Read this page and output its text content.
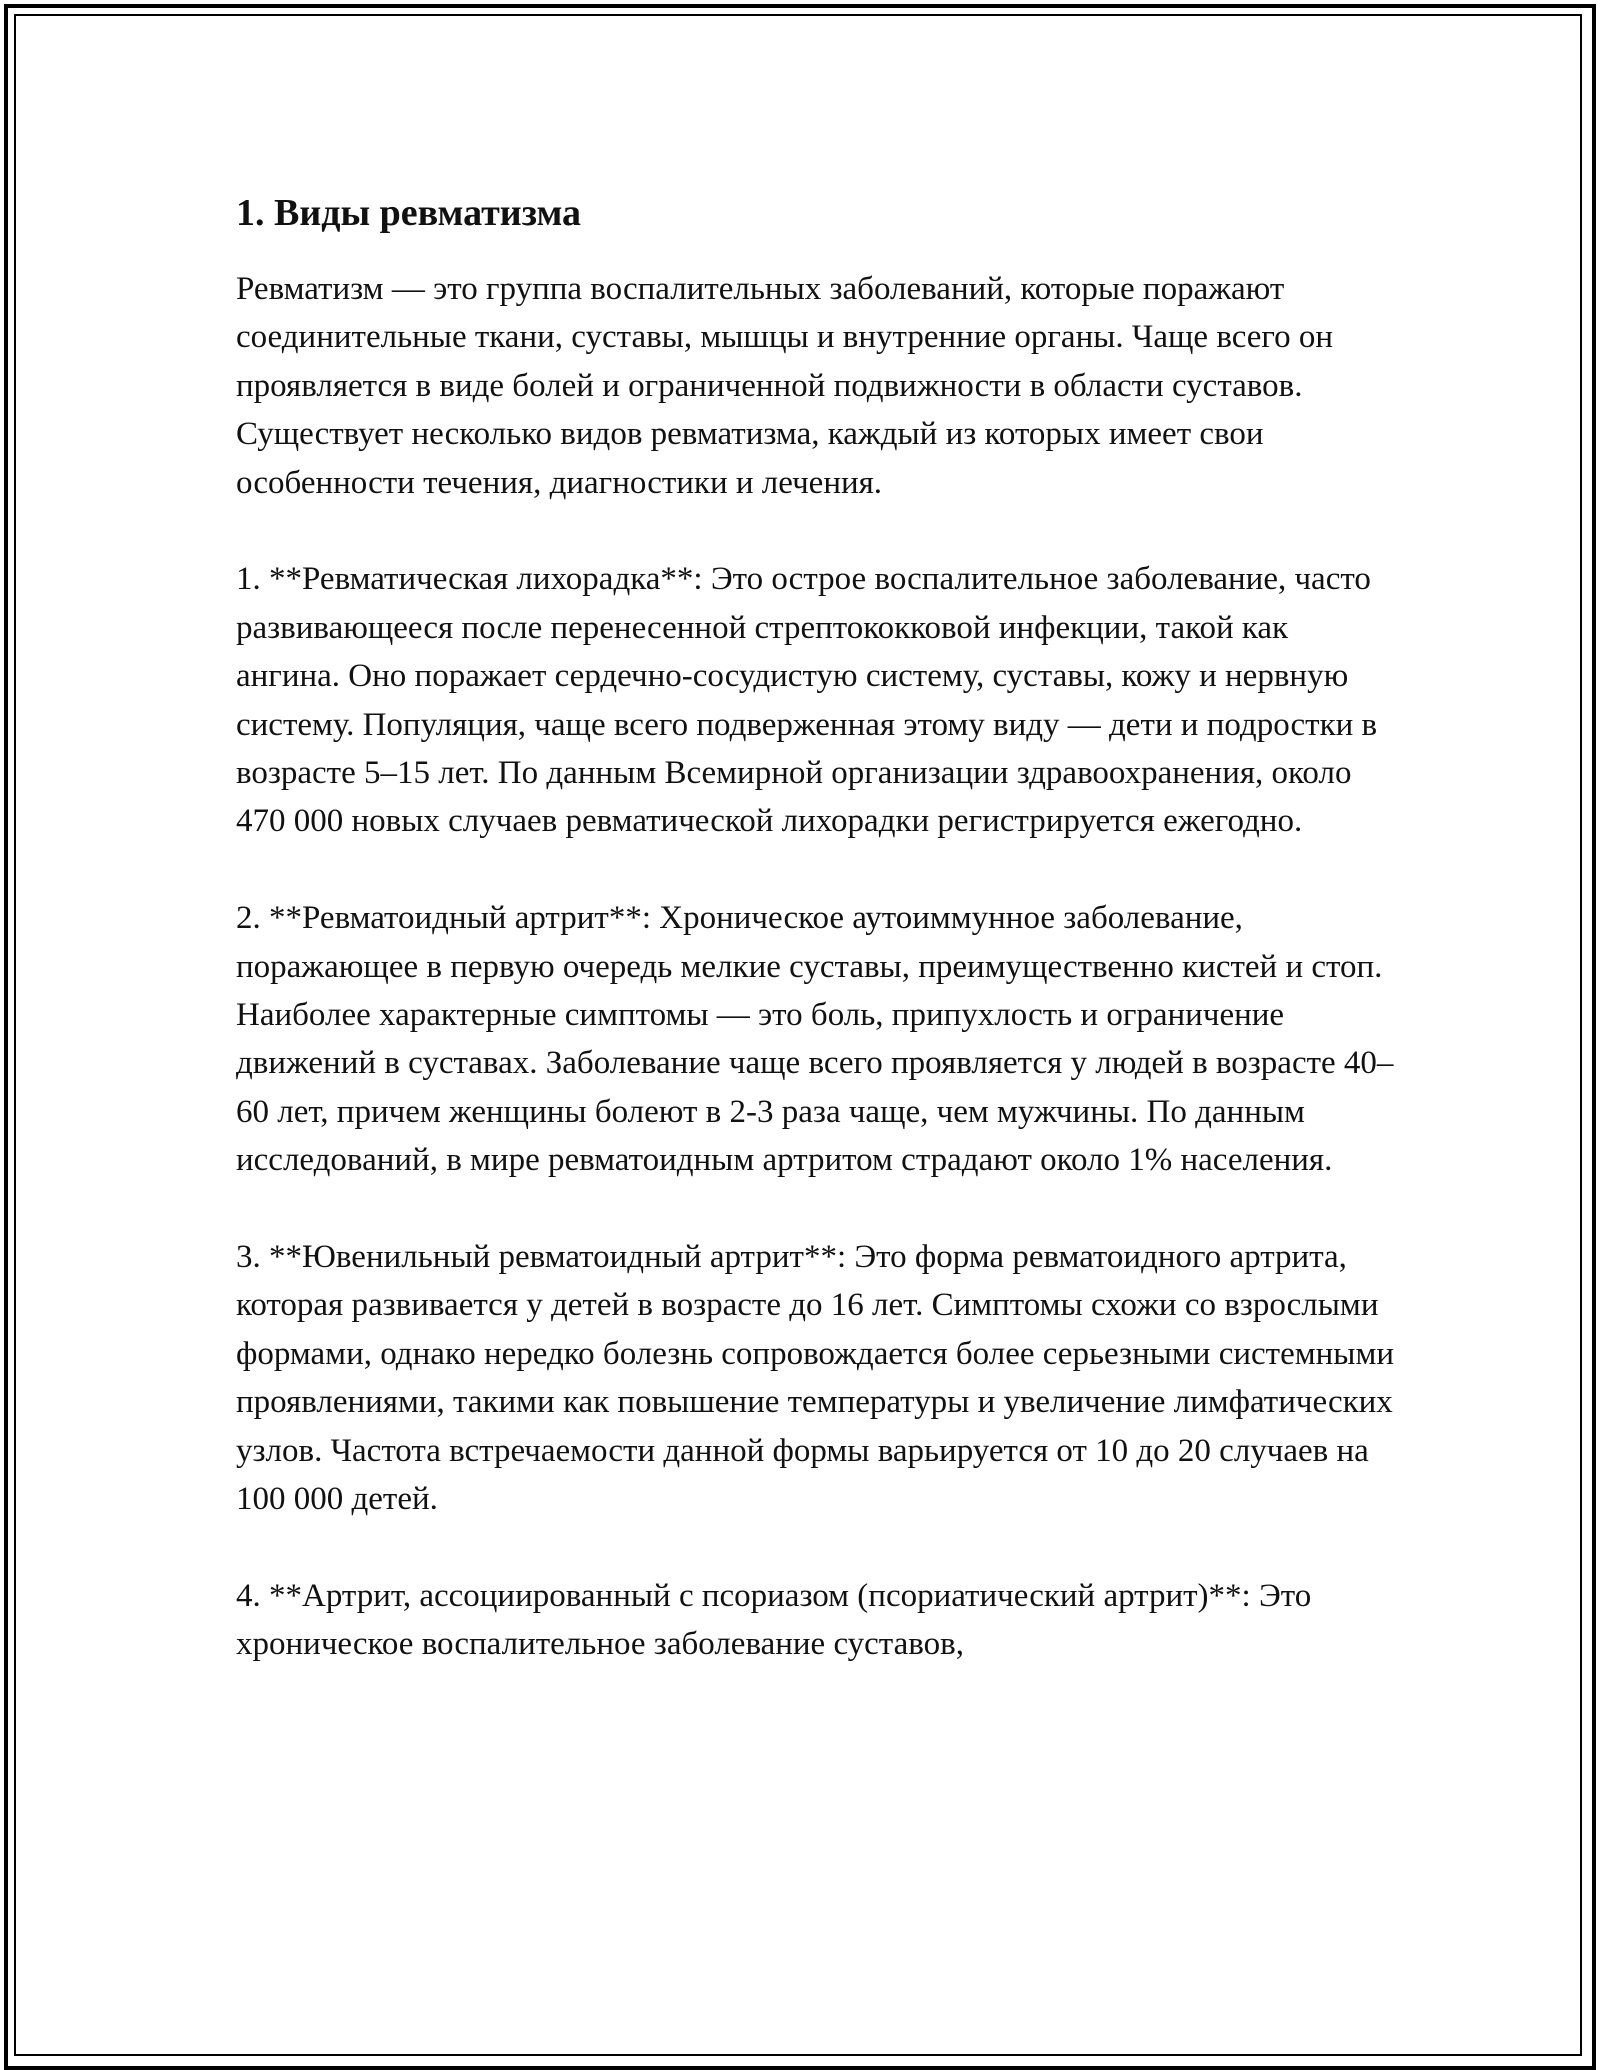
1. Виды ревматизма

Ревматизм — это группа воспалительных заболеваний, которые поражают соединительные ткани, суставы, мышцы и внутренние органы. Чаще всего он проявляется в виде болей и ограниченной подвижности в области суставов. Существует несколько видов ревматизма, каждый из которых имеет свои особенности течения, диагностики и лечения.

1. **Ревматическая лихорадка**: Это острое воспалительное заболевание, часто развивающееся после перенесенной стрептококковой инфекции, такой как ангина. Оно поражает сердечно-сосудистую систему, суставы, кожу и нервную систему. Популяция, чаще всего подверженная этому виду — дети и подростки в возрасте 5–15 лет. По данным Всемирной организации здравоохранения, около 470 000 новых случаев ревматической лихорадки регистрируется ежегодно.

2. **Ревматоидный артрит**: Хроническое аутоиммунное заболевание, поражающее в первую очередь мелкие суставы, преимущественно кистей и стоп. Наиболее характерные симптомы — это боль, припухлость и ограничение движений в суставах. Заболевание чаще всего проявляется у людей в возрасте 40–60 лет, причем женщины болеют в 2-3 раза чаще, чем мужчины. По данным исследований, в мире ревматоидным артритом страдают около 1% населения.

3. **Ювенильный ревматоидный артрит**: Это форма ревматоидного артрита, которая развивается у детей в возрасте до 16 лет. Симптомы схожи со взрослыми формами, однако нередко болезнь сопровождается более серьезными системными проявлениями, такими как повышение температуры и увеличение лимфатических узлов. Частота встречаемости данной формы варьируется от 10 до 20 случаев на 100 000 детей.

4. **Артрит, ассоциированный с псориазом (псориатический артрит)**: Это хроническое воспалительное заболевание суставов,
